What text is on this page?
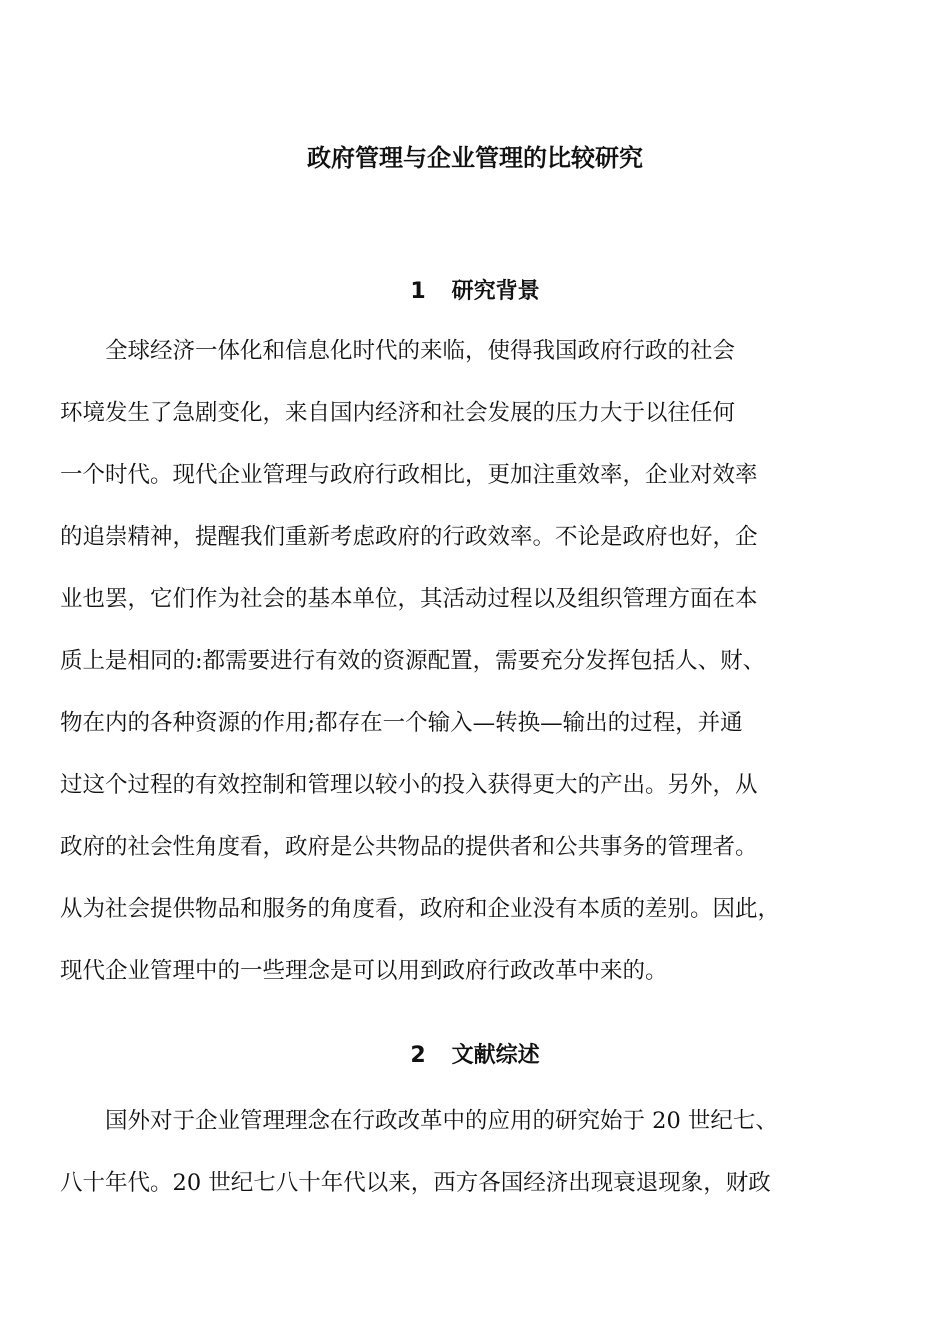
政府管理与企业管理的比较研究
1 研究背景
　　全球经济一体化和信息化时代的来临，使得我国政府行政的社会
环境发生了急剧变化，来自国内经济和社会发展的压力大于以往任何
一个时代。现代企业管理与政府行政相比，更加注重效率，企业对效率
的追崇精神，提醒我们重新考虑政府的行政效率。不论是政府也好，企
业也罢，它们作为社会的基本单位，其活动过程以及组织管理方面在本
质上是相同的:都需要进行有效的资源配置，需要充分发挥包括人、财、
物在内的各种资源的作用;都存在一个输入—转换—输出的过程，并通
过这个过程的有效控制和管理以较小的投入获得更大的产出。另外，从
政府的社会性角度看，政府是公共物品的提供者和公共事务的管理者。
从为社会提供物品和服务的角度看，政府和企业没有本质的差别。因此，
现代企业管理中的一些理念是可以用到政府行政改革中来的。
2 文献综述
　　国外对于企业管理理念在行政改革中的应用的研究始于 20 世纪七、
八十年代。20 世纪七八十年代以来，西方各国经济出现衰退现象，财政
